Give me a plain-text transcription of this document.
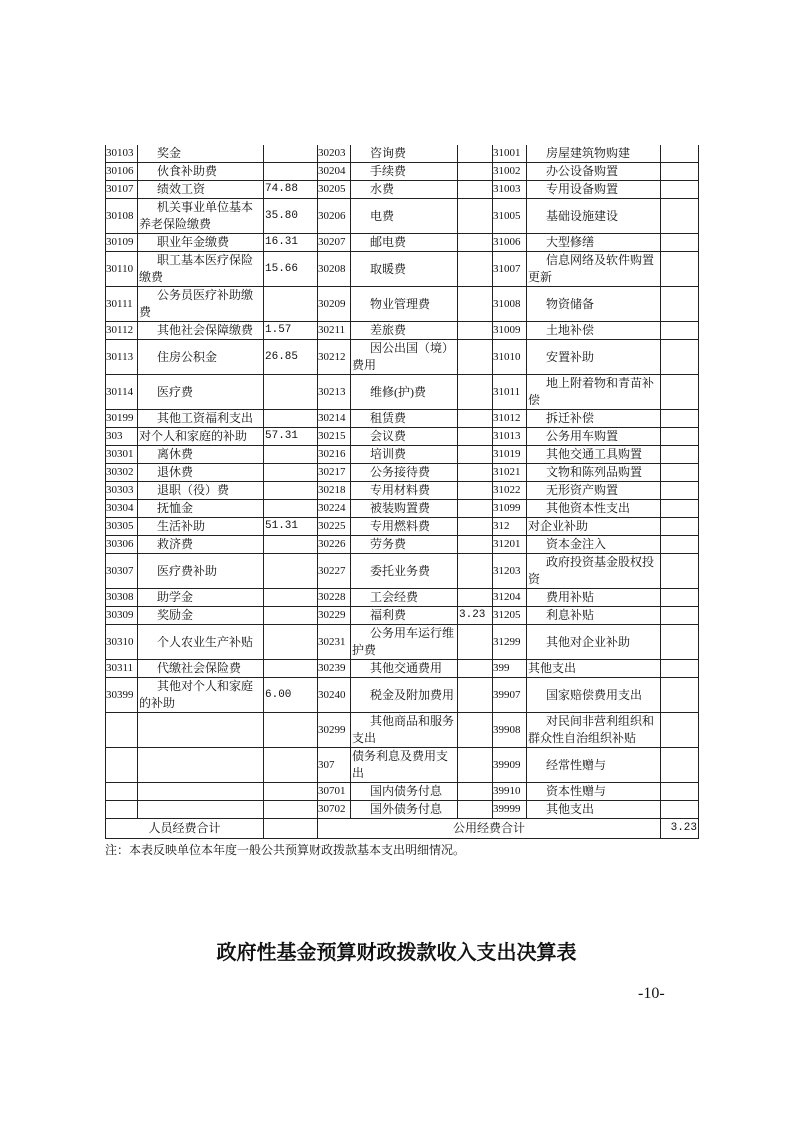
30103	奖金		30203	咨询费		31001	房屋建筑物购建	
30106	伙食补助费		30204	手续费		31002	办公设备购置	
30107	绩效工资	74.88	30205	水费		31003	专用设备购置	
30108	机关事业单位基本养老保险缴费	35.80	30206	电费		31005	基础设施建设	
30109	职业年金缴费	16.31	30207	邮电费		31006	大型修缮	
30110	职工基本医疗保险缴费	15.66	30208	取暖费		31007	信息网络及软件购置更新	
30111	公务员医疗补助缴费		30209	物业管理费		31008	物资储备	
30112	其他社会保障缴费	1.57	30211	差旅费		31009	土地补偿	
30113	住房公积金	26.85	30212	因公出国（境）费用		31010	安置补助	
30114	医疗费		30213	维修(护)费		31011	地上附着物和青苗补偿	
30199	其他工资福利支出		30214	租赁费		31012	拆迁补偿	
303	对个人和家庭的补助	57.31	30215	会议费		31013	公务用车购置	
30301	离休费		30216	培训费		31019	其他交通工具购置	
30302	退休费		30217	公务接待费		31021	文物和陈列品购置	
30303	退职（役）费		30218	专用材料费		31022	无形资产购置	
30304	抚恤金		30224	被装购置费		31099	其他资本性支出	
30305	生活补助	51.31	30225	专用燃料费		312	对企业补助	
30306	救济费		30226	劳务费		31201	资本金注入	
30307	医疗费补助		30227	委托业务费		31203	政府投资基金股权投资	
30308	助学金		30228	工会经费		31204	费用补贴	
30309	奖励金		30229	福利费	3.23	31205	利息补贴	
30310	个人农业生产补贴		30231	公务用车运行维护费		31299	其他对企业补助	
30311	代缴社会保险费		30239	其他交通费用		399	其他支出	
30399	其他对个人和家庭的补助	6.00	30240	税金及附加费用		39907	国家赔偿费用支出	
			30299	其他商品和服务支出		39908	对民间非营利组织和群众性自治组织补贴	
			307	债务利息及费用支出		39909	经常性赠与	
			30701	国内债务付息		39910	资本性赠与	
			30702	国外债务付息		39999	其他支出	
人员经费合计			公用经费合计					3.23
注：本表反映单位本年度一般公共预算财政拨款基本支出明细情况。
政府性基金预算财政拨款收入支出决算表
-10-
